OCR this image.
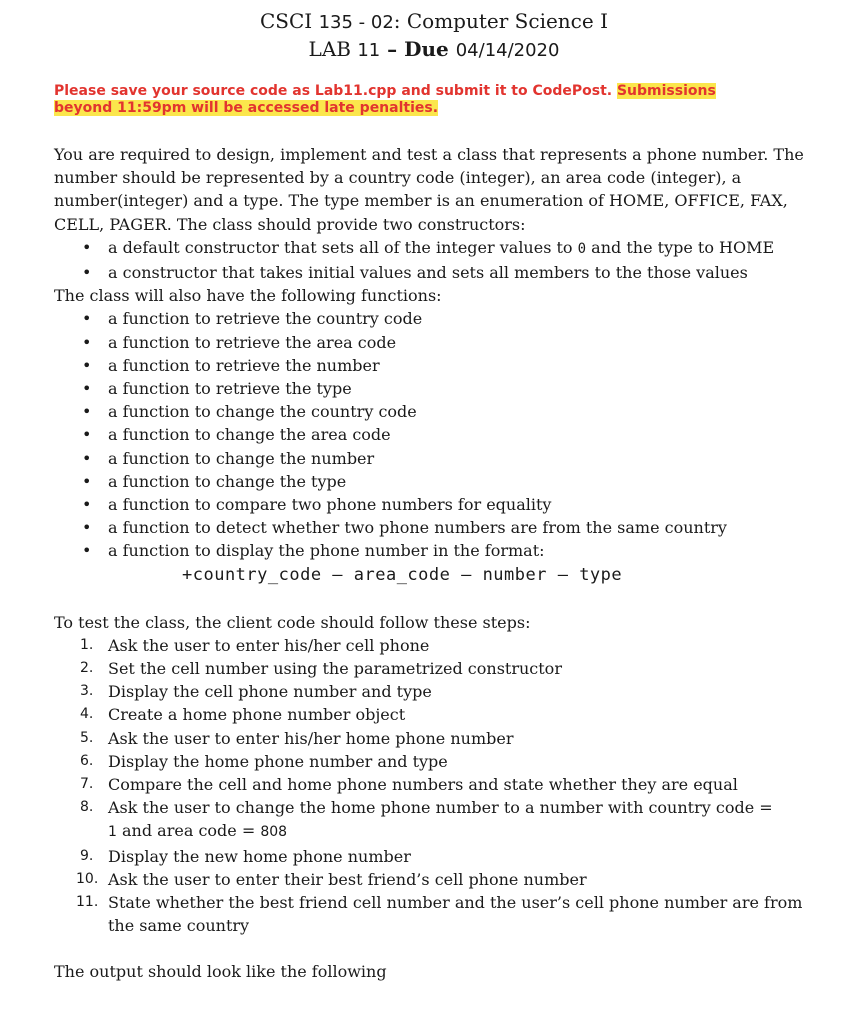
CSCI 135 - 02: Computer Science I
LAB 11 – Due 04/14/2020
Please save your source code as Lab11.cpp and submit it to CodePost. Submissions
beyond 11:59pm will be accessed late penalties.

You are required to design, implement and test a class that represents a phone number. The number should be represented by a country code (integer), an area code (integer), a number(integer) and a type. The type member is an enumeration of HOME, OFFICE, FAX, CELL, PAGER. The class should provide two constructors:

• a default constructor that sets all of the integer values to 0 and the type to HOME
• a constructor that takes initial values and sets all members to the those values

The class will also have the following functions:

• a function to retrieve the country code
• a function to retrieve the area code
• a function to retrieve the number
• a function to retrieve the type
• a function to change the country code
• a function to change the area code
• a function to change the number
• a function to change the type
• a function to compare two phone numbers for equality
• a function to detect whether two phone numbers are from the same country
• a function to display the phone number in the format:
+country_code – area_code – number – type

To test the class, the client code should follow these steps:

1. Ask the user to enter his/her cell phone
2. Set the cell number using the parametrized constructor
3. Display the cell phone number and type
4. Create a home phone number object
5. Ask the user to enter his/her home phone number
6. Display the home phone number and type
7. Compare the cell and home phone numbers and state whether they are equal
8. Ask the user to change the home phone number to a number with country code =
1 and area code = 808
9. Display the new home phone number
10. Ask the user to enter their best friend’s cell phone number
11. State whether the best friend cell number and the user’s cell phone number are from the same country
The output should look like the following
